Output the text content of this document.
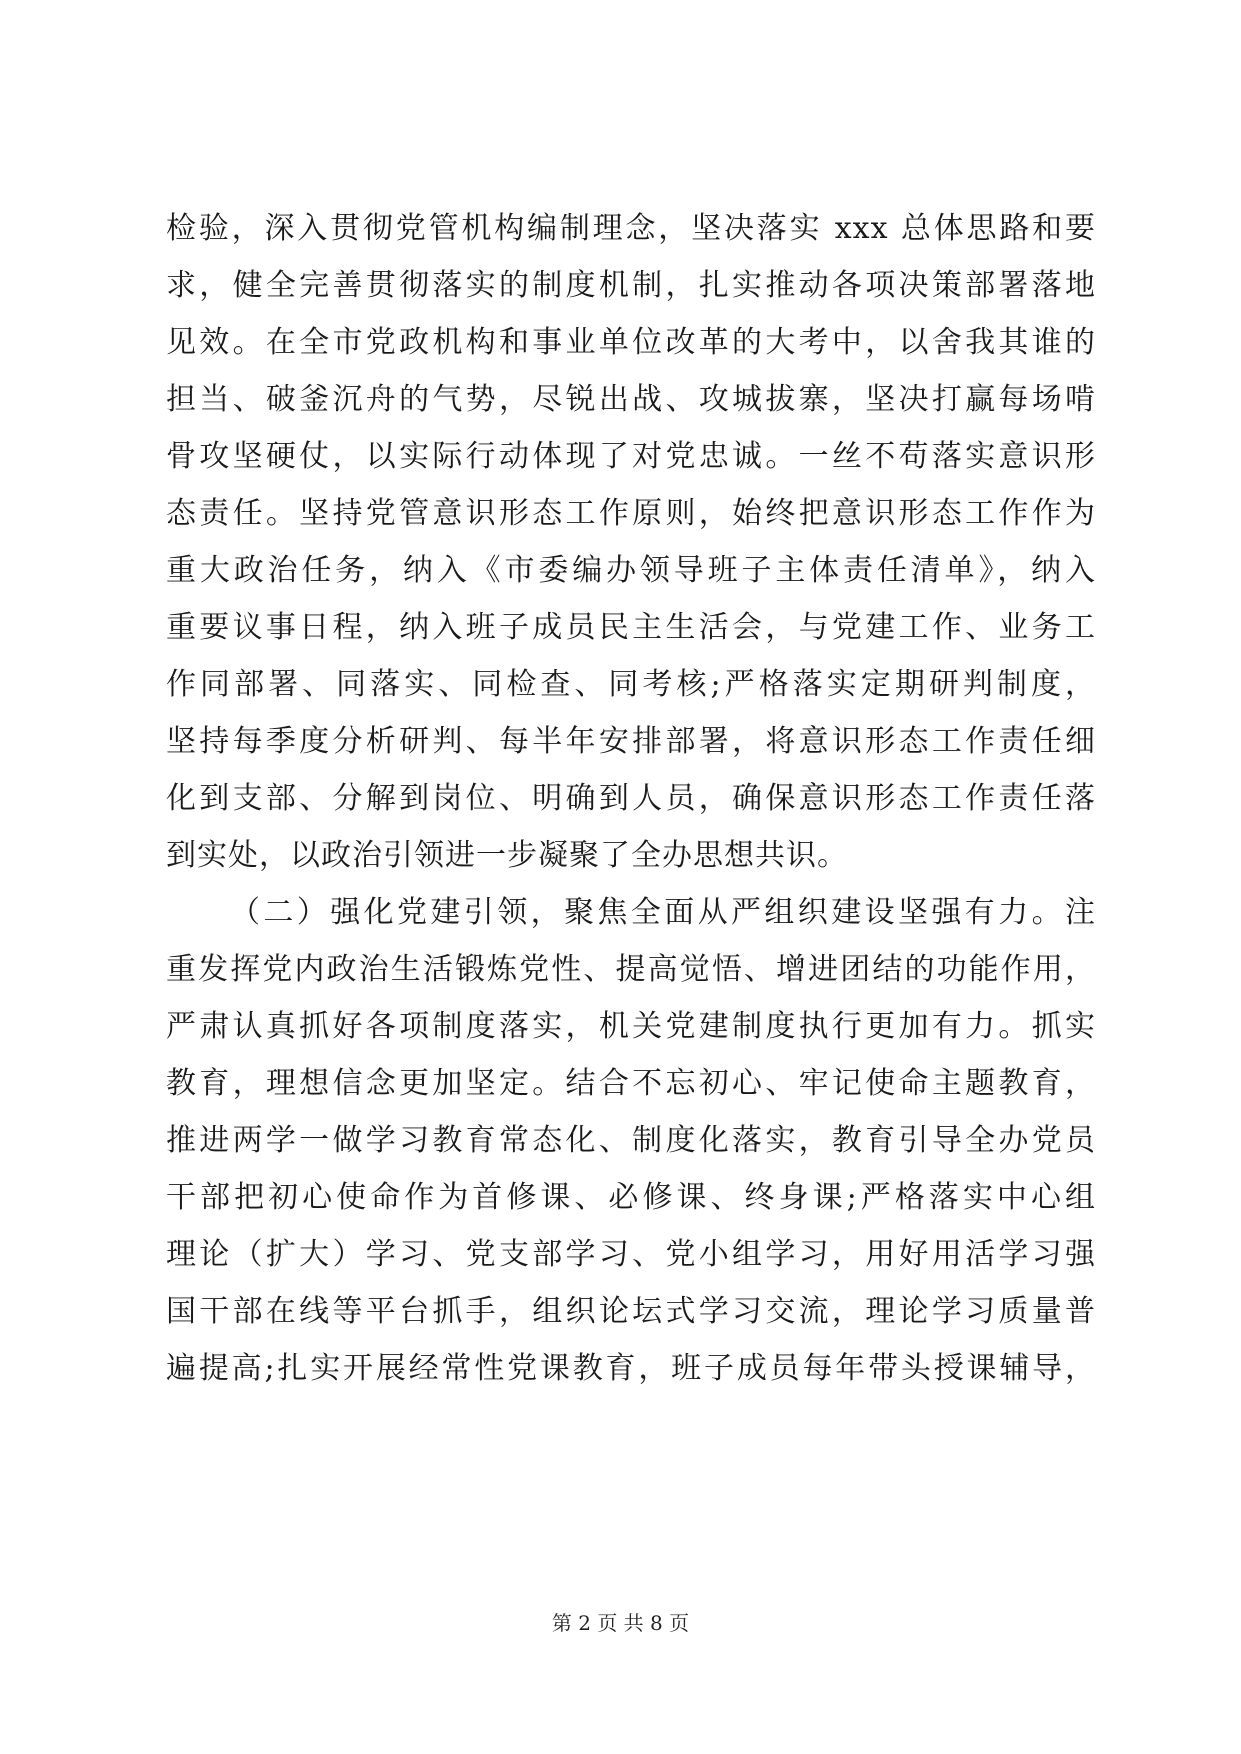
检验，深入贯彻党管机构编制理念，坚决落实 xxx 总体思路和要
求，健全完善贯彻落实的制度机制，扎实推动各项决策部署落地
见效。在全市党政机构和事业单位改革的大考中，以舍我其谁的
担当、破釜沉舟的气势，尽锐出战、攻城拔寨，坚决打赢每场啃
骨攻坚硬仗，以实际行动体现了对党忠诚。一丝不苟落实意识形
态责任。坚持党管意识形态工作原则，始终把意识形态工作作为
重大政治任务，纳入《市委编办领导班子主体责任清单》，纳入
重要议事日程，纳入班子成员民主生活会，与党建工作、业务工
作同部署、同落实、同检查、同考核;严格落实定期研判制度，
坚持每季度分析研判、每半年安排部署，将意识形态工作责任细
化到支部、分解到岗位、明确到人员，确保意识形态工作责任落
到实处，以政治引领进一步凝聚了全办思想共识。
（二）强化党建引领，聚焦全面从严组织建设坚强有力。注
重发挥党内政治生活锻炼党性、提高觉悟、增进团结的功能作用，
严肃认真抓好各项制度落实，机关党建制度执行更加有力。抓实
教育，理想信念更加坚定。结合不忘初心、牢记使命主题教育，
推进两学一做学习教育常态化、制度化落实，教育引导全办党员
干部把初心使命作为首修课、必修课、终身课;严格落实中心组
理论（扩大）学习、党支部学习、党小组学习，用好用活学习强
国干部在线等平台抓手，组织论坛式学习交流，理论学习质量普
遍提高;扎实开展经常性党课教育，班子成员每年带头授课辅导，
第 2 页 共 8 页
